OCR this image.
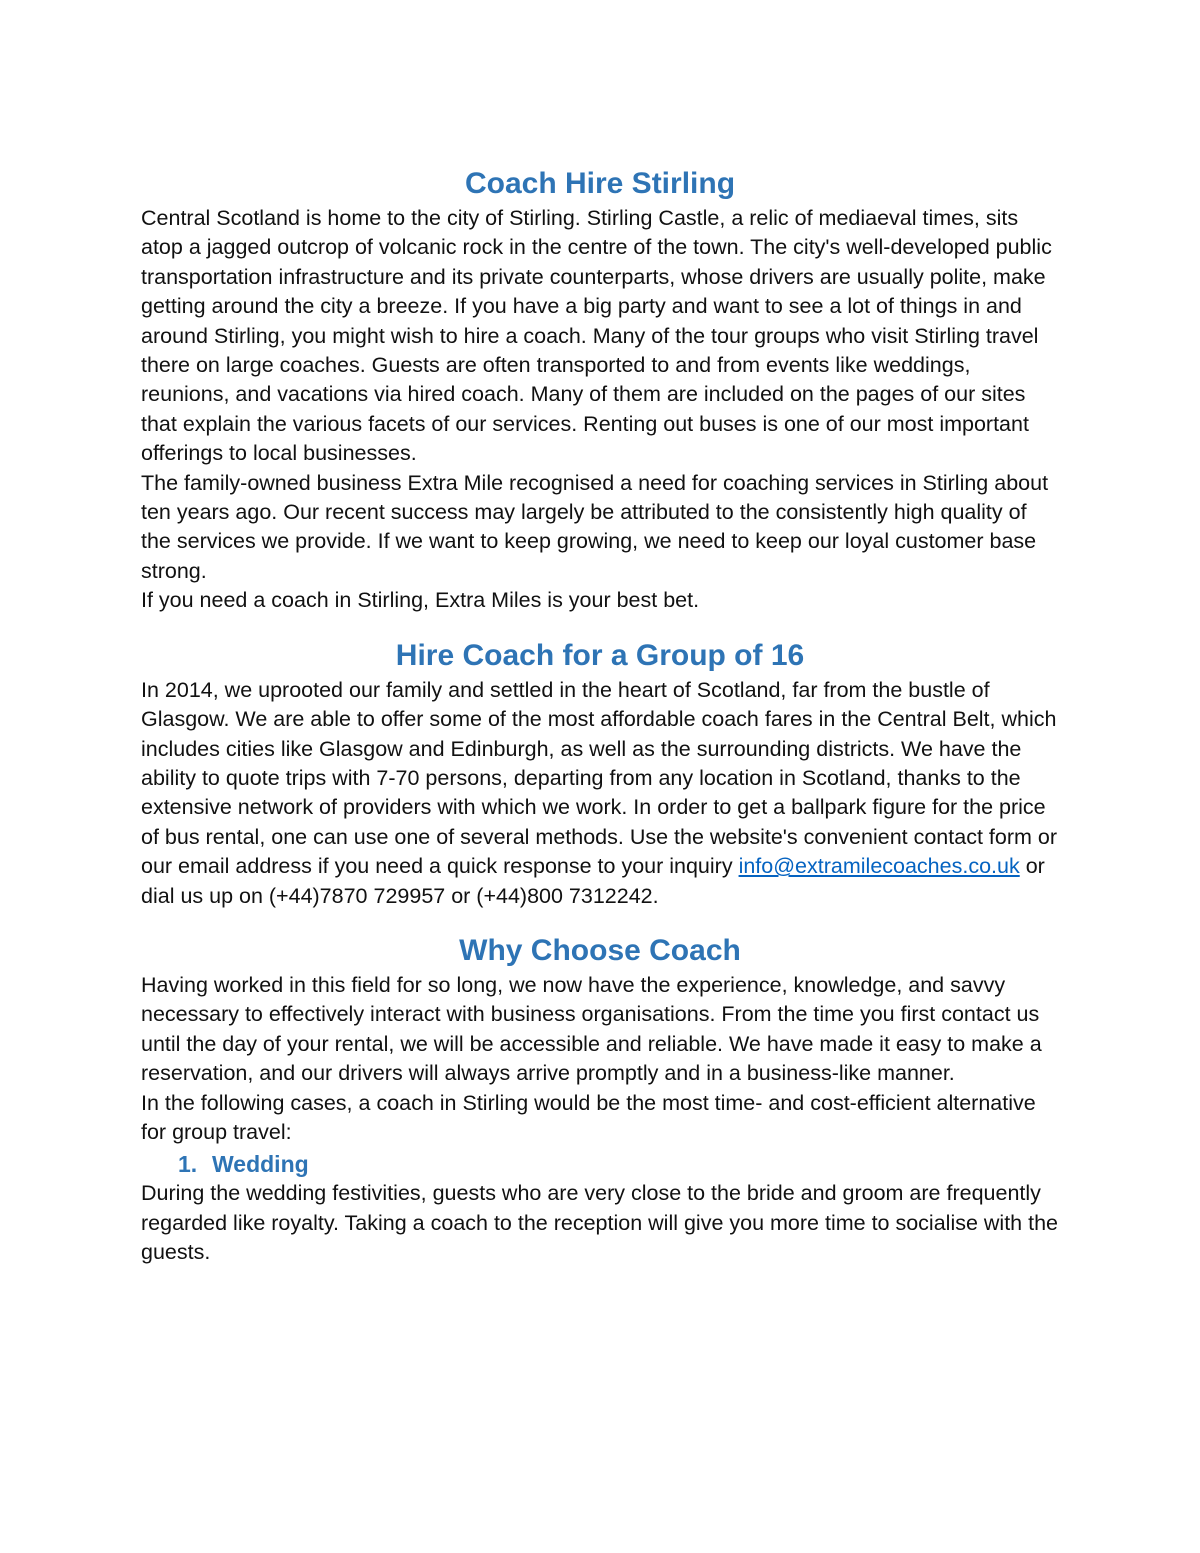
Coach Hire Stirling

Central Scotland is home to the city of Stirling. Stirling Castle, a relic of mediaeval times, sits atop a jagged outcrop of volcanic rock in the centre of the town. The city's well-developed public transportation infrastructure and its private counterparts, whose drivers are usually polite, make getting around the city a breeze. If you have a big party and want to see a lot of things in and around Stirling, you might wish to hire a coach. Many of the tour groups who visit Stirling travel there on large coaches. Guests are often transported to and from events like weddings, reunions, and vacations via hired coach. Many of them are included on the pages of our sites that explain the various facets of our services. Renting out buses is one of our most important offerings to local businesses.

The family-owned business Extra Mile recognised a need for coaching services in Stirling about ten years ago. Our recent success may largely be attributed to the consistently high quality of the services we provide. If we want to keep growing, we need to keep our loyal customer base strong.

If you need a coach in Stirling, Extra Miles is your best bet.

Hire Coach for a Group of 16

In 2014, we uprooted our family and settled in the heart of Scotland, far from the bustle of Glasgow. We are able to offer some of the most affordable coach fares in the Central Belt, which includes cities like Glasgow and Edinburgh, as well as the surrounding districts. We have the ability to quote trips with 7-70 persons, departing from any location in Scotland, thanks to the extensive network of providers with which we work. In order to get a ballpark figure for the price of bus rental, one can use one of several methods. Use the website's convenient contact form or our email address if you need a quick response to your inquiry info@extramilecoaches.co.uk or dial us up on (+44)7870 729957 or (+44)800 7312242.

Why Choose Coach

Having worked in this field for so long, we now have the experience, knowledge, and savvy necessary to effectively interact with business organisations. From the time you first contact us until the day of your rental, we will be accessible and reliable. We have made it easy to make a reservation, and our drivers will always arrive promptly and in a business-like manner.

In the following cases, a coach in Stirling would be the most time- and cost-efficient alternative for group travel:

1. Wedding

During the wedding festivities, guests who are very close to the bride and groom are frequently regarded like royalty. Taking a coach to the reception will give you more time to socialise with the guests.
